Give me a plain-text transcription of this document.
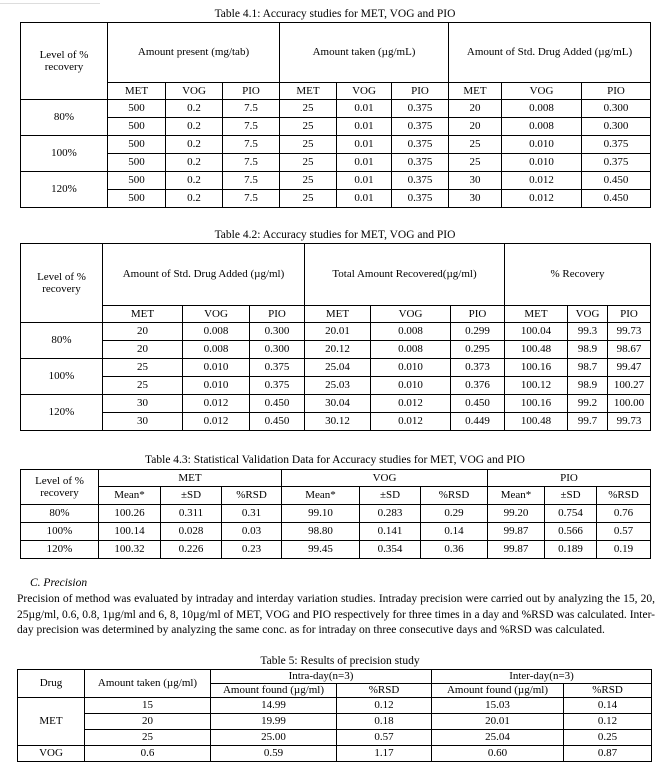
Table 4.1: Accuracy studies for MET, VOG and PIO
Level of % recovery	Amount present (mg/tab)			Amount taken (µg/mL)			Amount of Std. Drug Added (µg/mL)		
	MET	VOG	PIO	MET	VOG	PIO	MET	VOG	PIO
80%	500	0.2	7.5	25	0.01	0.375	20	0.008	0.300
	500	0.2	7.5	25	0.01	0.375	20	0.008	0.300
100%	500	0.2	7.5	25	0.01	0.375	25	0.010	0.375
	500	0.2	7.5	25	0.01	0.375	25	0.010	0.375
120%	500	0.2	7.5	25	0.01	0.375	30	0.012	0.450
	500	0.2	7.5	25	0.01	0.375	30	0.012	0.450
Table 4.2: Accuracy studies for MET, VOG and PIO
Level of % recovery	Amount of Std. Drug Added (µg/ml)			Total Amount Recovered(µg/ml)			% Recovery		
	MET	VOG	PIO	MET	VOG	PIO	MET	VOG	PIO
80%	20	0.008	0.300	20.01	0.008	0.299	100.04	99.3	99.73
	20	0.008	0.300	20.12	0.008	0.295	100.48	98.9	98.67
100%	25	0.010	0.375	25.04	0.010	0.373	100.16	98.7	99.47
	25	0.010	0.375	25.03	0.010	0.376	100.12	98.9	100.27
120%	30	0.012	0.450	30.04	0.012	0.450	100.16	99.2	100.00
	30	0.012	0.450	30.12	0.012	0.449	100.48	99.7	99.73
Table 4.3: Statistical Validation Data for Accuracy studies for MET, VOG and PIO
Level of % recovery	MET			VOG			PIO		
	Mean*	±SD	%RSD	Mean*	±SD	%RSD	Mean*	±SD	%RSD
80%	100.26	0.311	0.31	99.10	0.283	0.29	99.20	0.754	0.76
100%	100.14	0.028	0.03	98.80	0.141	0.14	99.87	0.566	0.57
120%	100.32	0.226	0.23	99.45	0.354	0.36	99.87	0.189	0.19
C. Precision
Precision of method was evaluated by intraday and interday variation studies. Intraday precision were carried out by analyzing the 15, 20, 25µg/ml, 0.6, 0.8, 1µg/ml and 6, 8, 10µg/ml of MET, VOG and PIO respectively for three times in a day and %RSD was calculated. Inter-day precision was determined by analyzing the same conc. as for intraday on three consecutive days and %RSD was calculated.
Table 5: Results of precision study
Drug	Amount taken (µg/ml)	Intra-day(n=3)		Inter-day(n=3)	
		Amount found (µg/ml)	%RSD	Amount found (µg/ml)	%RSD
MET	15	14.99	0.12	15.03	0.14
	20	19.99	0.18	20.01	0.12
	25	25.00	0.57	25.04	0.25
VOG	0.6	0.59	1.17	0.60	0.87
